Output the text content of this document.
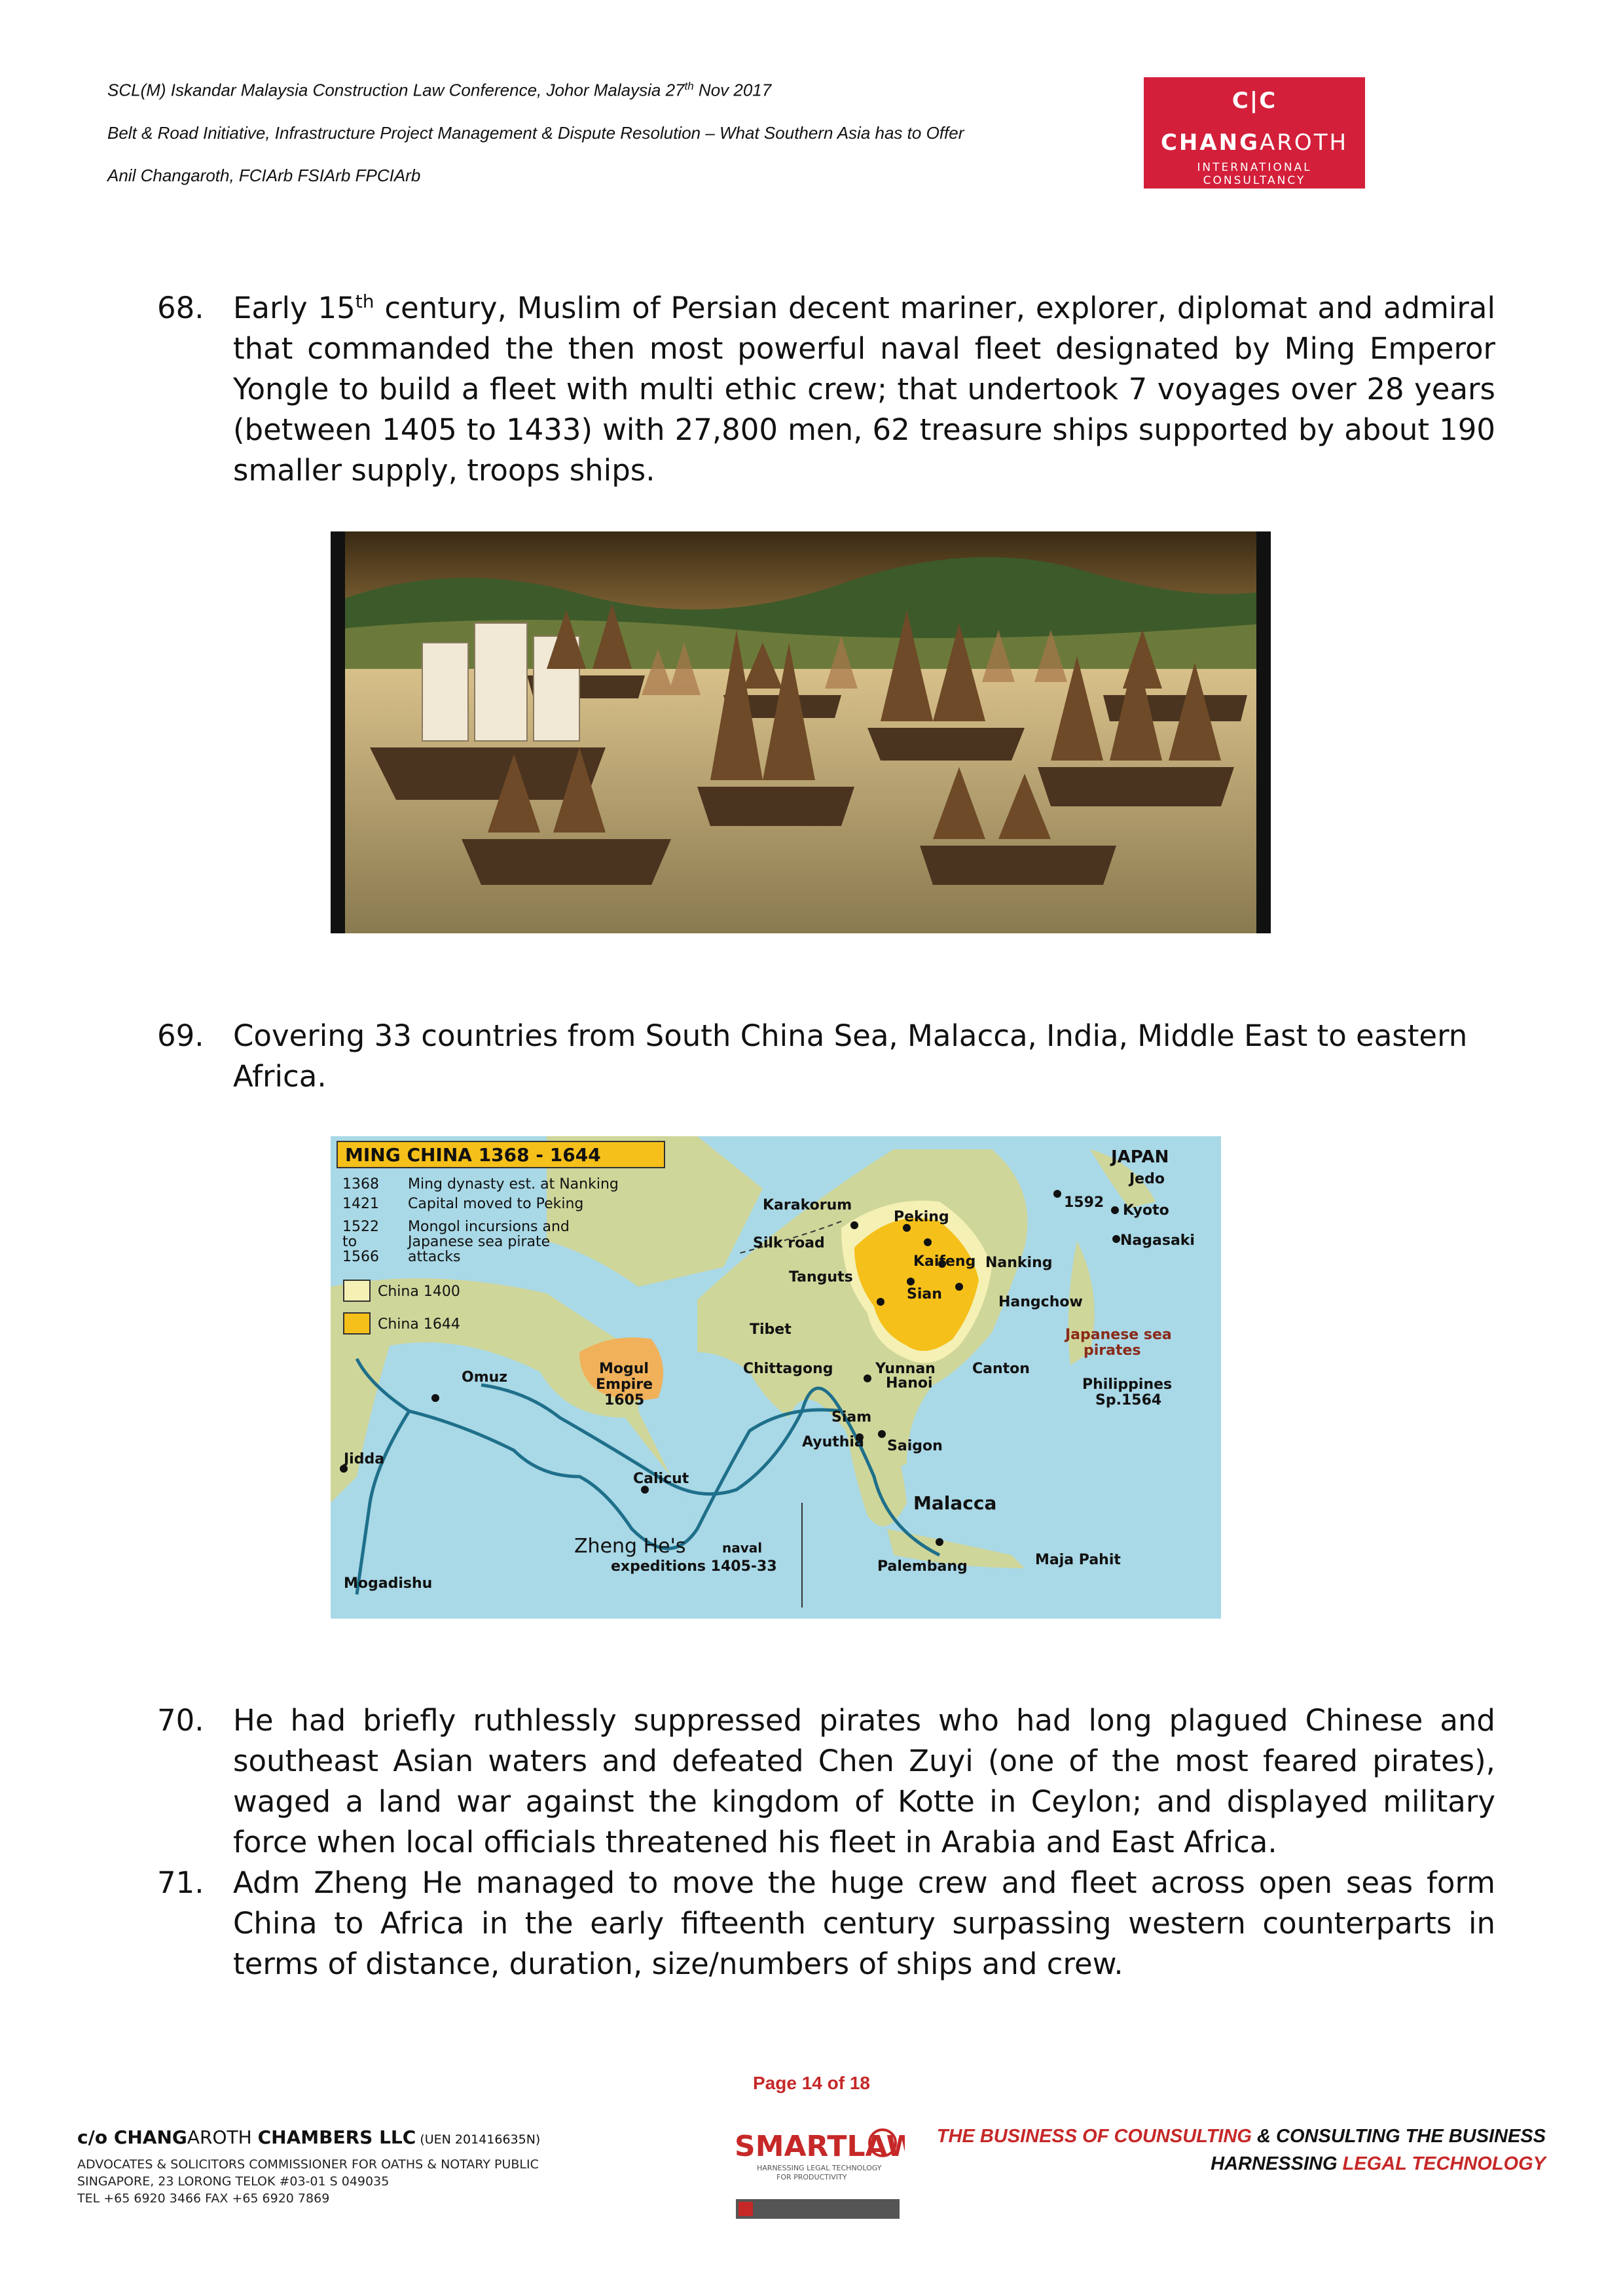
SCL(M) Iskandar Malaysia Construction Law Conference, Johor Malaysia 27th Nov 2017
Belt & Road Initiative, Infrastructure Project Management & Dispute Resolution – What Southern Asia has to Offer
Anil Changaroth, FCIArb FSIArb FPCIArb
C|C
CHANGAROTH
INTERNATIONAL CONSULTANCY
68. Early 15th century, Muslim of Persian decent mariner, explorer, diplomat and admiral that commanded the then most powerful naval fleet designated by Ming Emperor Yongle to build a fleet with multi ethic crew; that undertook 7 voyages over 28 years (between 1405 to 1433) with 27,800 men, 62 treasure ships supported by about 190 smaller supply, troops ships.
69. Covering 33 countries from South China Sea, Malacca, India, Middle East to eastern Africa.
MING CHINA 1368 - 1644
1368 Ming dynasty est. at Nanking
1421 Capital moved to Peking
1522 Mongol incursions and
to	Japanese sea pirate
1566 attacks
China 1400
China 1644
JAPAN
Jedo
Kyoto
1592
Nagasaki
Karakorum
Peking
Silk road
Kaifeng Nanking
Tanguts
Sian	Hangchow
Tibet	Japanese sea
pirates
Omuz
Mogul
Empire
1605
Chittagong	Yunnan	Canton
Hanoi	Philippines
Sp.1564
Siam
Jidda
Ayuthia Saigon
Calicut
Malacca
Zheng He's	naval
expeditions 1405-33	Palembang	Maja Pahit
Mogadishu
70. He had briefly ruthlessly suppressed pirates who had long plagued Chinese and southeast Asian waters and defeated Chen Zuyi (one of the most feared pirates), waged a land war against the kingdom of Kotte in Ceylon; and displayed military force when local officials threatened his fleet in Arabia and East Africa.
71. Adm Zheng He managed to move the huge crew and fleet across open seas form China to Africa in the early fifteenth century surpassing western counterparts in terms of distance, duration, size/numbers of ships and crew.
Page 14 of 18
c/o CHANGAROTH CHAMBERS LLC (UEN 201416635N)
ADVOCATES & SOLICITORS COMMISSIONER FOR OATHS & NOTARY PUBLIC
SINGAPORE, 23 LORONG TELOK #03-01 S 049035
TEL +65 6920 3466 FAX +65 6920 7869
SMARTLAW
HARNESSING LEGAL TECHNOLOGY
FOR PRODUCTIVITY
THE BUSINESS OF COUNSULTING & CONSULTING THE BUSINESS
HARNESSING LEGAL TECHNOLOGY
